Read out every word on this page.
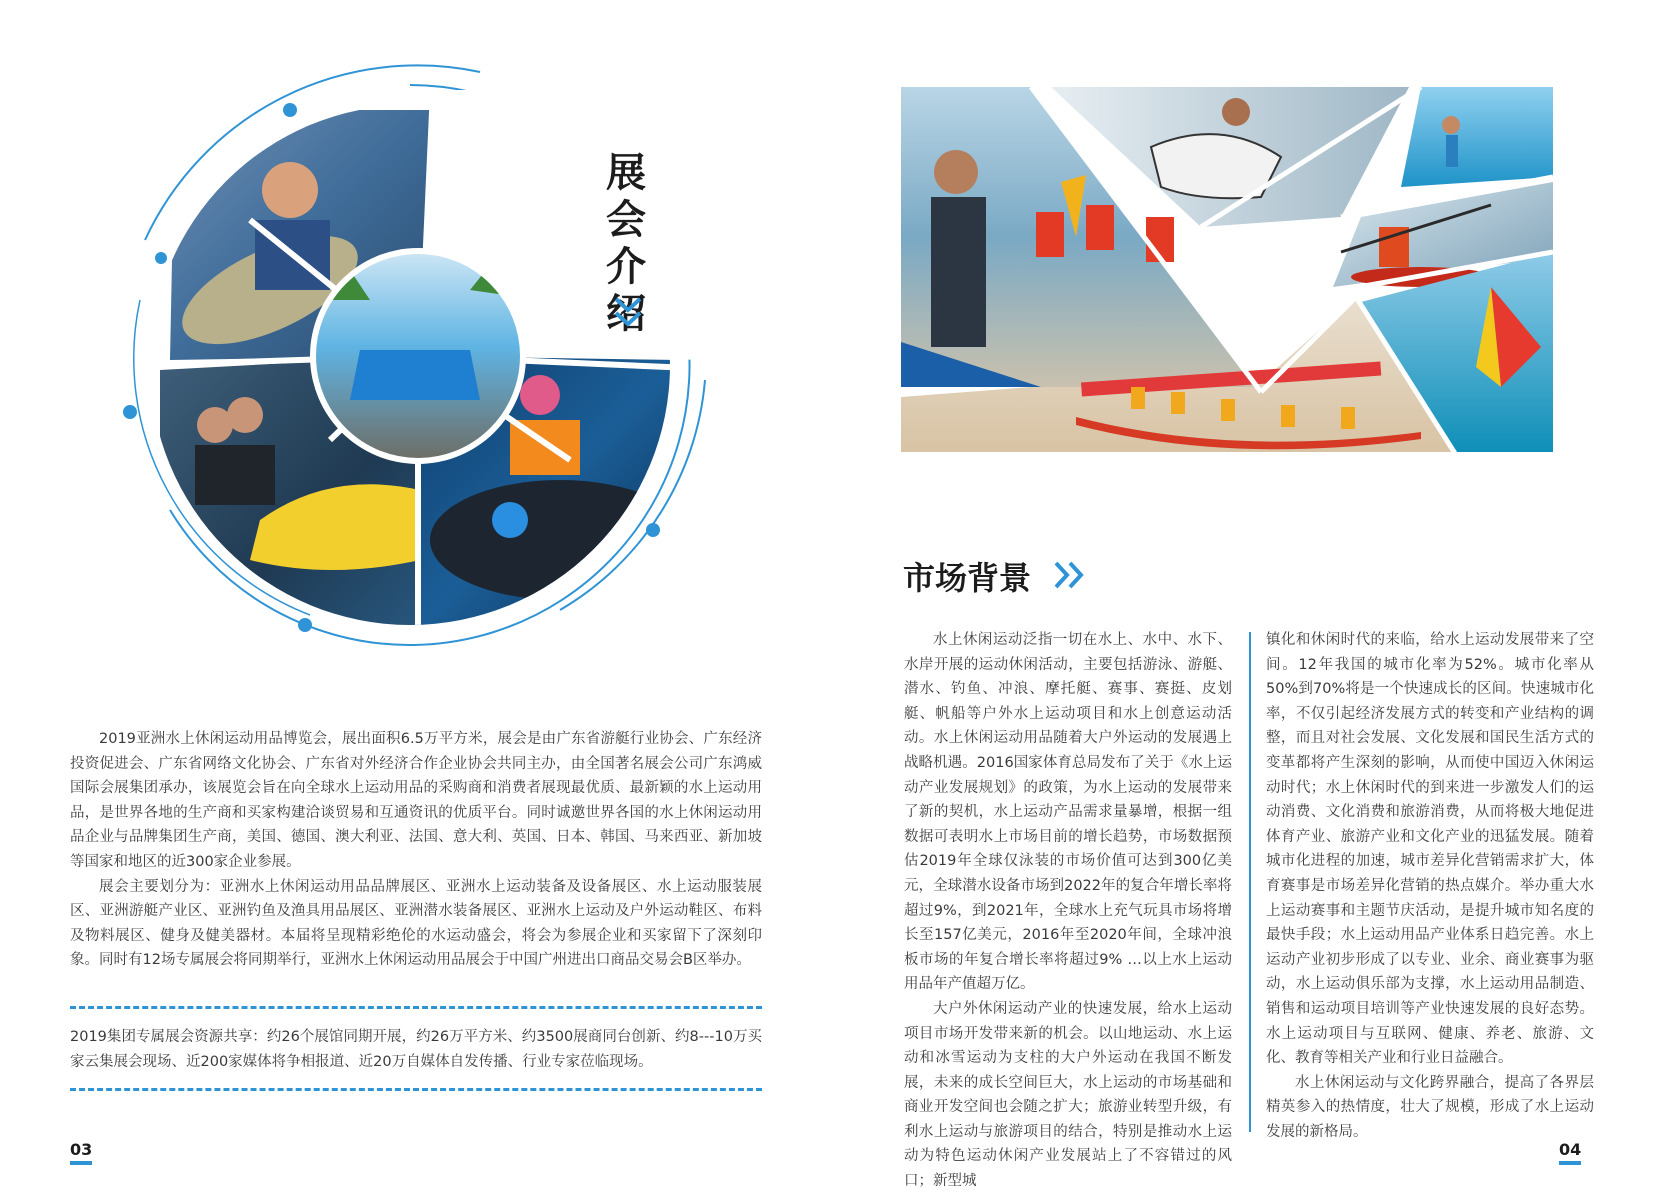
展
会
介
绍

2019亚洲水上休闲运动用品博览会，展出面积6.5万平方米，展会是由广东省游艇行业协会、广东经济投资促进会、广东省网络文化协会、广东省对外经济合作企业协会共同主办，由全国著名展会公司广东鸿威国际会展集团承办，该展览会旨在向全球水上运动用品的采购商和消费者展现最优质、最新颖的水上运动用品，是世界各地的生产商和买家构建洽谈贸易和互通资讯的优质平台。同时诚邀世界各国的水上休闲运动用品企业与品牌集团生产商，美国、德国、澳大利亚、法国、意大利、英国、日本、韩国、马来西亚、新加坡等国家和地区的近300家企业参展。

展会主要划分为：亚洲水上休闲运动用品品牌展区、亚洲水上运动装备及设备展区、水上运动服装展区、亚洲游艇产业区、亚洲钓鱼及渔具用品展区、亚洲潜水装备展区、亚洲水上运动及户外运动鞋区、布料及物料展区、健身及健美器材。本届将呈现精彩绝伦的水运动盛会，将会为参展企业和买家留下了深刻印象。同时有12场专属展会将同期举行，亚洲水上休闲运动用品展会于中国广州进出口商品交易会B区举办。

2019集团专属展会资源共享：约26个展馆同期开展，约26万平方米、约3500展商同台创新、约8---10万买家云集展会现场、近200家媒体将争相报道、近20万自媒体自发传播、行业专家莅临现场。

03
市场背景

水上休闲运动泛指一切在水上、水中、水下、水岸开展的运动休闲活动，主要包括游泳、游艇、潜水、钓鱼、冲浪、摩托艇、赛事、赛挺、皮划艇、帆船等户外水上运动项目和水上创意运动活动。水上休闲运动用品随着大户外运动的发展遇上战略机遇。2016国家体育总局发布了关于《水上运动产业发展规划》的政策，为水上运动的发展带来了新的契机，水上运动产品需求量暴增，根据一组数据可表明水上市场目前的增长趋势，市场数据预估2019年全球仅泳装的市场价值可达到300亿美元，全球潜水设备市场到2022年的复合年增长率将超过9%，到2021年，全球水上充气玩具市场将增长至157亿美元，2016年至2020年间，全球冲浪板市场的年复合增长率将超过9% …以上水上运动用品年产值超万亿。

大户外休闲运动产业的快速发展，给水上运动项目市场开发带来新的机会。以山地运动、水上运动和冰雪运动为支柱的大户外运动在我国不断发展，未来的成长空间巨大，水上运动的市场基础和商业开发空间也会随之扩大；旅游业转型升级，有利水上运动与旅游项目的结合，特别是推动水上运动为特色运动休闲产业发展站上了不容错过的风口；新型城

镇化和休闲时代的来临，给水上运动发展带来了空间。12年我国的城市化率为52%。城市化率从50%到70%将是一个快速成长的区间。快速城市化率，不仅引起经济发展方式的转变和产业结构的调整，而且对社会发展、文化发展和国民生活方式的变革都将产生深刻的影响，从而使中国迈入休闲运动时代；水上休闲时代的到来进一步激发人们的运动消费、文化消费和旅游消费，从而将极大地促进体育产业、旅游产业和文化产业的迅猛发展。随着城市化进程的加速，城市差异化营销需求扩大，体育赛事是市场差异化营销的热点媒介。举办重大水上运动赛事和主题节庆活动，是提升城市知名度的最快手段；水上运动用品产业体系日趋完善。水上运动产业初步形成了以专业、业余、商业赛事为驱动，水上运动俱乐部为支撑，水上运动用品制造、销售和运动项目培训等产业快速发展的良好态势。水上运动项目与互联网、健康、养老、旅游、文化、教育等相关产业和行业日益融合。

水上休闲运动与文化跨界融合，提高了各界层精英参入的热情度，壮大了规模，形成了水上运动发展的新格局。

04
